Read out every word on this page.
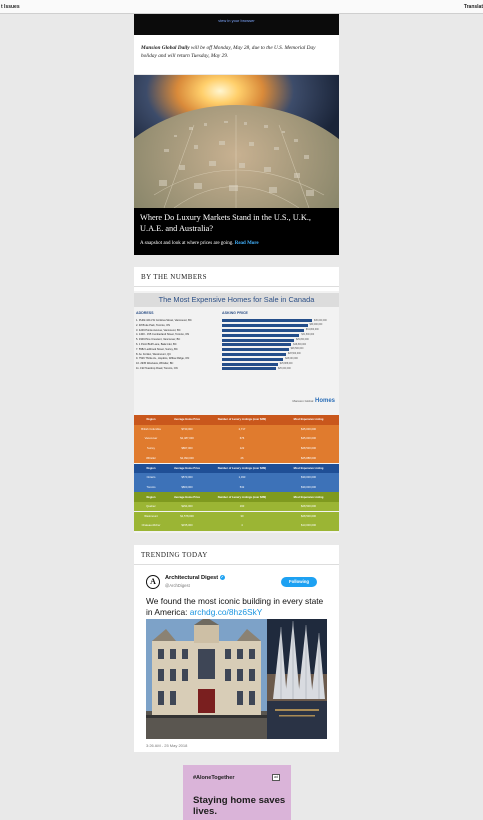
t Issues	Translat
view in your browser
Mansion Global Daily will be off Monday, May 28, due to the U.S. Memorial Day holiday and will return Tuesday, May 29.
Where Do Luxury Markets Stand in the U.S., U.K., U.A.E. and Australia?
A snapshot and look at where prices are going. Read More
BY THE NUMBERS
The Most Expensive Homes for Sale in Canada
ADDRESS	ASKING PRICE
1. PH02-1011 W Cordova Street, Vancouver, BC	$45,000,000
2. 48 Brule Park, Toronto, ON	$39,000,000
3. 4249 Pointe Avenue, Vancouver, BC	$34,800,000
4. 1400 - 155 Cumberland Street, Toronto, ON	$31,500,000
5. 3349 Pine Crescent, Vancouver, BC	$29,800,000
6. 1 Point Bluff Lane, Bala Inlet, BC	$28,800,000
7. 5582 Ledbrook Street, Surrey, BC	$28,500,000
8. Av. Forden, Westmount, QC	$28,500,000
9. 7526 Thirtie Av., Hopkins, Willow Ridge, ON	$28,000,000
10. 2935 Westview, Whistler, BC	$25,888,000
11. 193 Teardrop Road, Toronto, ON	$25,000,000
Mansion Global Homes
Region	Average Home Price	Number of Luxury Listings (over $3M)	Most Expensive Listing
British Columbia	$730,000	2,717	$45,000,000
Vancouver	$1,487,000	676	$45,000,000
Surrey	$867,000	122	$28,500,000
Whistler	$1,093,000	26	$25,888,000
Region	Average Home Price	Number of Luxury Listings (over $3M)	Most Expensive Listing
Ontario	$573,000	1,033	$39,000,000
Toronto	$800,000	532	$39,000,000
Region	Average Home Price	Number of Luxury Listings (over $3M)	Most Expensive Listing
Quebec	$294,000	160	$28,500,000
Westmount	$1,578,000	30	$28,500,000
Chateau-Richer	$155,000	4	$13,000,000
TRENDING TODAY
A	Architectural Digest ✓
@ArchDigest
Following
We found the most iconic building in every state in America: archdg.co/8hz6SkY
3:26 AM - 25 May 2018
#AloneTogether	ad
Staying home saves lives.
